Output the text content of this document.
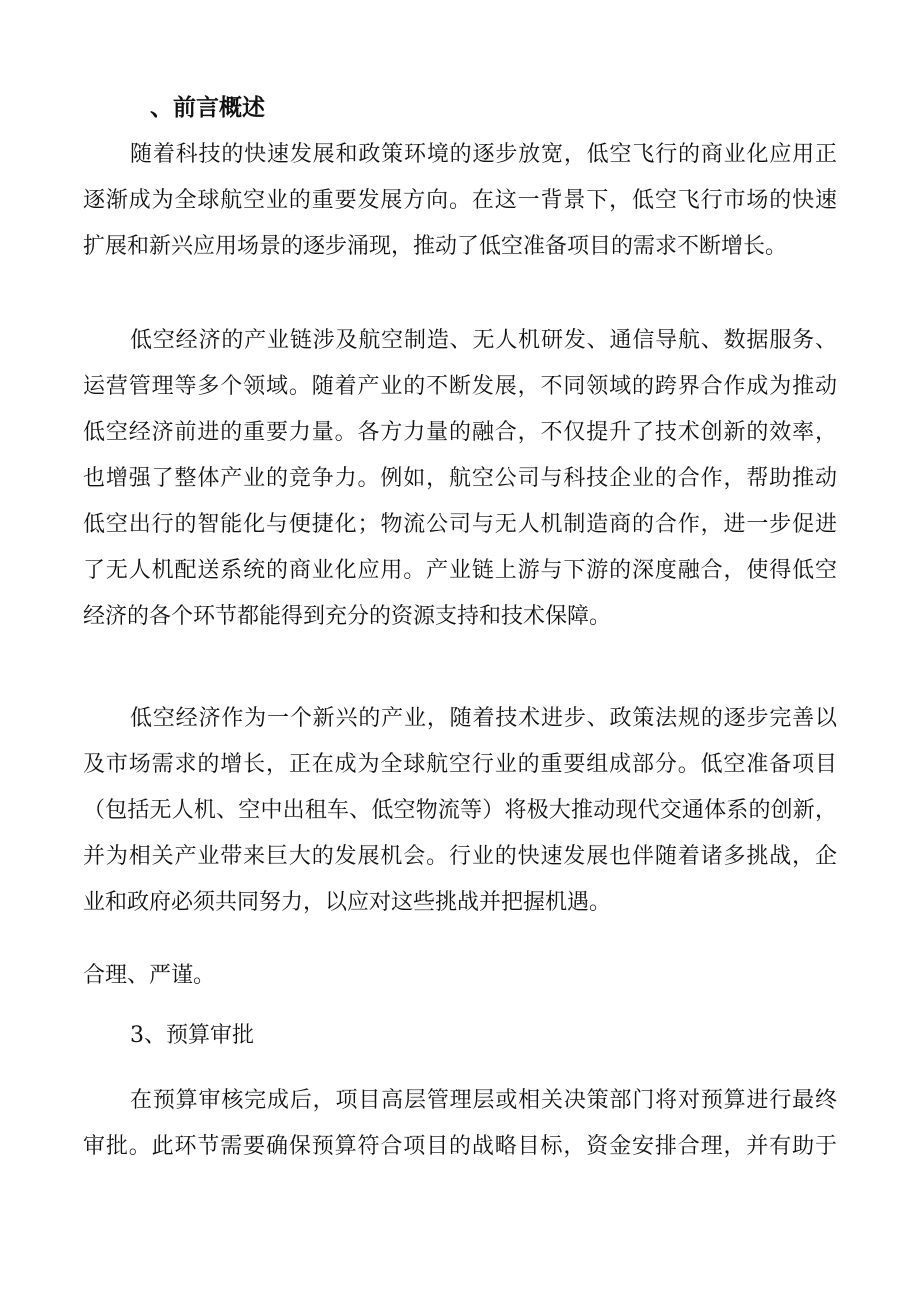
、前言概述
随着科技的快速发展和政策环境的逐步放宽，低空飞行的商业化应用正
逐渐成为全球航空业的重要发展方向。在这一背景下，低空飞行市场的快速
扩展和新兴应用场景的逐步涌现，推动了低空准备项目的需求不断增长。
低空经济的产业链涉及航空制造、无人机研发、通信导航、数据服务、
运营管理等多个领域。随着产业的不断发展，不同领域的跨界合作成为推动
低空经济前进的重要力量。各方力量的融合，不仅提升了技术创新的效率，
也增强了整体产业的竞争力。例如，航空公司与科技企业的合作，帮助推动
低空出行的智能化与便捷化；物流公司与无人机制造商的合作，进一步促进
了无人机配送系统的商业化应用。产业链上游与下游的深度融合，使得低空
经济的各个环节都能得到充分的资源支持和技术保障。
低空经济作为一个新兴的产业，随着技术进步、政策法规的逐步完善以
及市场需求的增长，正在成为全球航空行业的重要组成部分。低空准备项目
（包括无人机、空中出租车、低空物流等）将极大推动现代交通体系的创新，
并为相关产业带来巨大的发展机会。行业的快速发展也伴随着诸多挑战，企
业和政府必须共同努力，以应对这些挑战并把握机遇。
合理、严谨。
3、预算审批
在预算审核完成后，项目高层管理层或相关决策部门将对预算进行最终
审批。此环节需要确保预算符合项目的战略目标，资金安排合理，并有助于
